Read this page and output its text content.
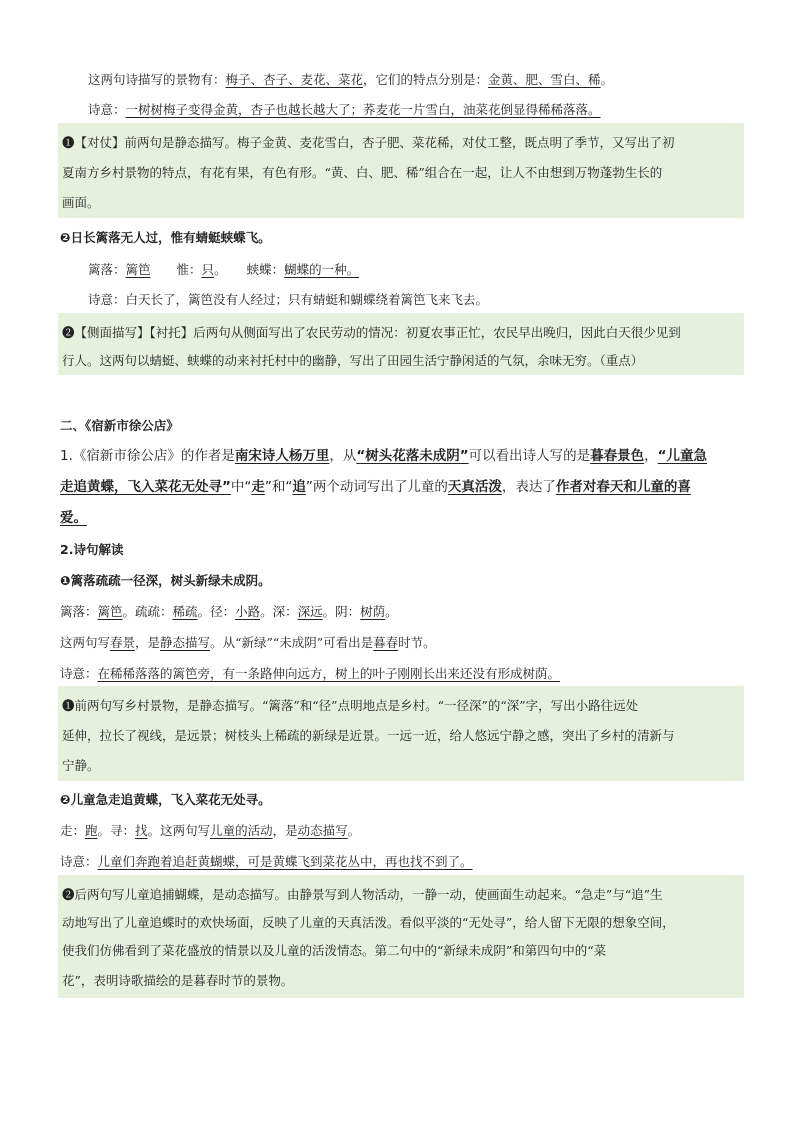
这两句诗描写的景物有：梅子、杏子、麦花、菜花，它们的特点分别是：金黄、肥、雪白、稀。
诗意：一树树梅子变得金黄，杏子也越长越大了；荞麦花一片雪白，油菜花倒显得稀稀落落。
❶【对仗】前两句是静态描写。梅子金黄、麦花雪白，杏子肥、菜花稀，对仗工整，既点明了季节，又写出了初
夏南方乡村景物的特点，有花有果，有色有形。“黄、白、肥、稀”组合在一起，让人不由想到万物蓬勃生长的
画面。
❷日长篱落无人过，惟有蜻蜓蛱蝶飞。
篱落：篱笆 惟：只。 蛱蝶：蝴蝶的一种。
诗意：白天长了，篱笆没有人经过；只有蜻蜓和蝴蝶绕着篱笆飞来飞去。
❷【侧面描写】【衬托】后两句从侧面写出了农民劳动的情况：初夏农事正忙，农民早出晚归，因此白天很少见到
行人。这两句以蜻蜓、蛱蝶的动来衬托村中的幽静，写出了田园生活宁静闲适的气氛，余味无穷。（重点）
二、《宿新市徐公店》
1.《宿新市徐公店》的作者是南宋诗人杨万里，从“树头花落未成阴”可以看出诗人写的是暮春景色，“儿童急
走追黄蝶，飞入菜花无处寻”中“走”和“追”两个动词写出了儿童的天真活泼，表达了作者对春天和儿童的喜
爱。
2.诗句解读
❶篱落疏疏一径深，树头新绿未成阴。
篱落：篱笆。疏疏：稀疏。径：小路。深：深远。阴：树荫。
这两句写春景，是静态描写。从“新绿”“未成阴”可看出是暮春时节。
诗意：在稀稀落落的篱笆旁，有一条路伸向远方，树上的叶子刚刚长出来还没有形成树荫。
❶前两句写乡村景物，是静态描写。“篱落”和“径”点明地点是乡村。“一径深”的“深”字，写出小路往远处
延伸，拉长了视线，是远景；树枝头上稀疏的新绿是近景。一远一近，给人悠远宁静之感，突出了乡村的清新与
宁静。
❷儿童急走追黄蝶，飞入菜花无处寻。
走：跑。寻：找。这两句写儿童的活动，是动态描写。
诗意：儿童们奔跑着追赶黄蝴蝶，可是黄蝶飞到菜花丛中，再也找不到了。
❷后两句写儿童追捕蝴蝶，是动态描写。由静景写到人物活动，一静一动，使画面生动起来。“急走”与“追”生
动地写出了儿童追蝶时的欢快场面，反映了儿童的天真活泼。看似平淡的“无处寻”，给人留下无限的想象空间，
使我们仿佛看到了菜花盛放的情景以及儿童的活泼情态。第二句中的“新绿未成阴”和第四句中的“菜
花”，表明诗歌描绘的是暮春时节的景物。
